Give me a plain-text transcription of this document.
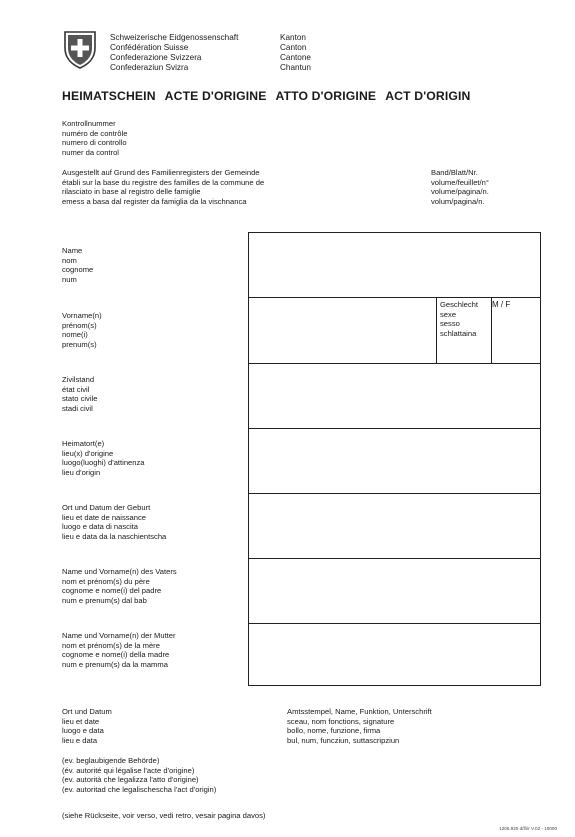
Schweizerische Eidgenossenschaft
Confédération Suisse
Confederazione Svizzera
Confederaziun Svizra
Kanton
Canton
Cantone
Chantun
HEIMATSCHEIN ACTE D'ORIGINE ATTO D'ORIGINE ACT D'ORIGIN
Kontrollnummer
numéro de contrôle
numero di controllo
numer da control
Ausgestellt auf Grund des Familienregisters der Gemeinde
établi sur la base du registre des familles de la commune de
rilasciato in base al registro delle famiglie
emess a basa dal register da famiglia da la vischnanca
Band/Blatt/Nr.
volume/feuillet/n°
volume/pagina/n.
volum/pagina/n.
Name
nom
cognome
num
Vorname(n)
prénom(s)
nome(i)
prenum(s)
Zivilstand
état civil
stato civile
stadi civil
Heimatort(e)
lieu(x) d'origine
luogo(luoghi) d'attinenza
lieu d'origin
Ort und Datum der Geburt
lieu et date de naissance
luogo e data di nascita
lieu e data da la naschientscha
Name und Vorname(n) des Vaters
nom et prénom(s) du père
cognome e nome(i) del padre
num e prenum(s) dal bab
Name und Vorname(n) der Mutter
nom et prénom(s) de la mère
cognome e nome(i) della madre
num e prenum(s) da la mamma
Geschlecht
sexe
sesso
schlattaina
M / F
Ort und Datum
lieu et date
luogo e data
lieu e data
Amtsstempel, Name, Funktion, Unterschrift
sceau, nom fonctions, signature
bollo, nome, funzione, firma
bul, num, funcziun, suttascripziun
(ev. beglaubigende Behörde)
(év. autorité qui légalise l'acte d'origine)
(ev. autorità che legalizza l'atto d'origine)
(ev. autoritad che legalischescha l'act d'origin)
(siehe Rückseite, voir verso, vedi retro, vesair pagina davos)
1205.920 d/f/i/r V.02 - 10000
